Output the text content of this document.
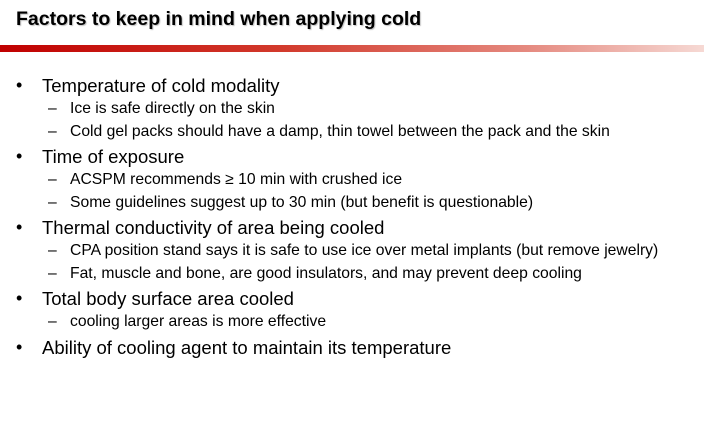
Factors to keep in mind when applying cold
• Temperature of cold modality
– Ice is safe directly on the skin
– Cold gel packs should have a damp, thin towel between the pack and the skin
• Time of exposure
– ACSPM recommends ≥ 10 min with crushed ice
– Some guidelines suggest up to 30 min (but benefit is questionable)
• Thermal conductivity of area being cooled
– CPA position stand says it is safe to use ice over metal implants (but remove jewelry)
– Fat, muscle and bone, are good insulators, and may prevent deep cooling
• Total body surface area cooled
– cooling larger areas is more effective
• Ability of cooling agent to maintain its temperature
